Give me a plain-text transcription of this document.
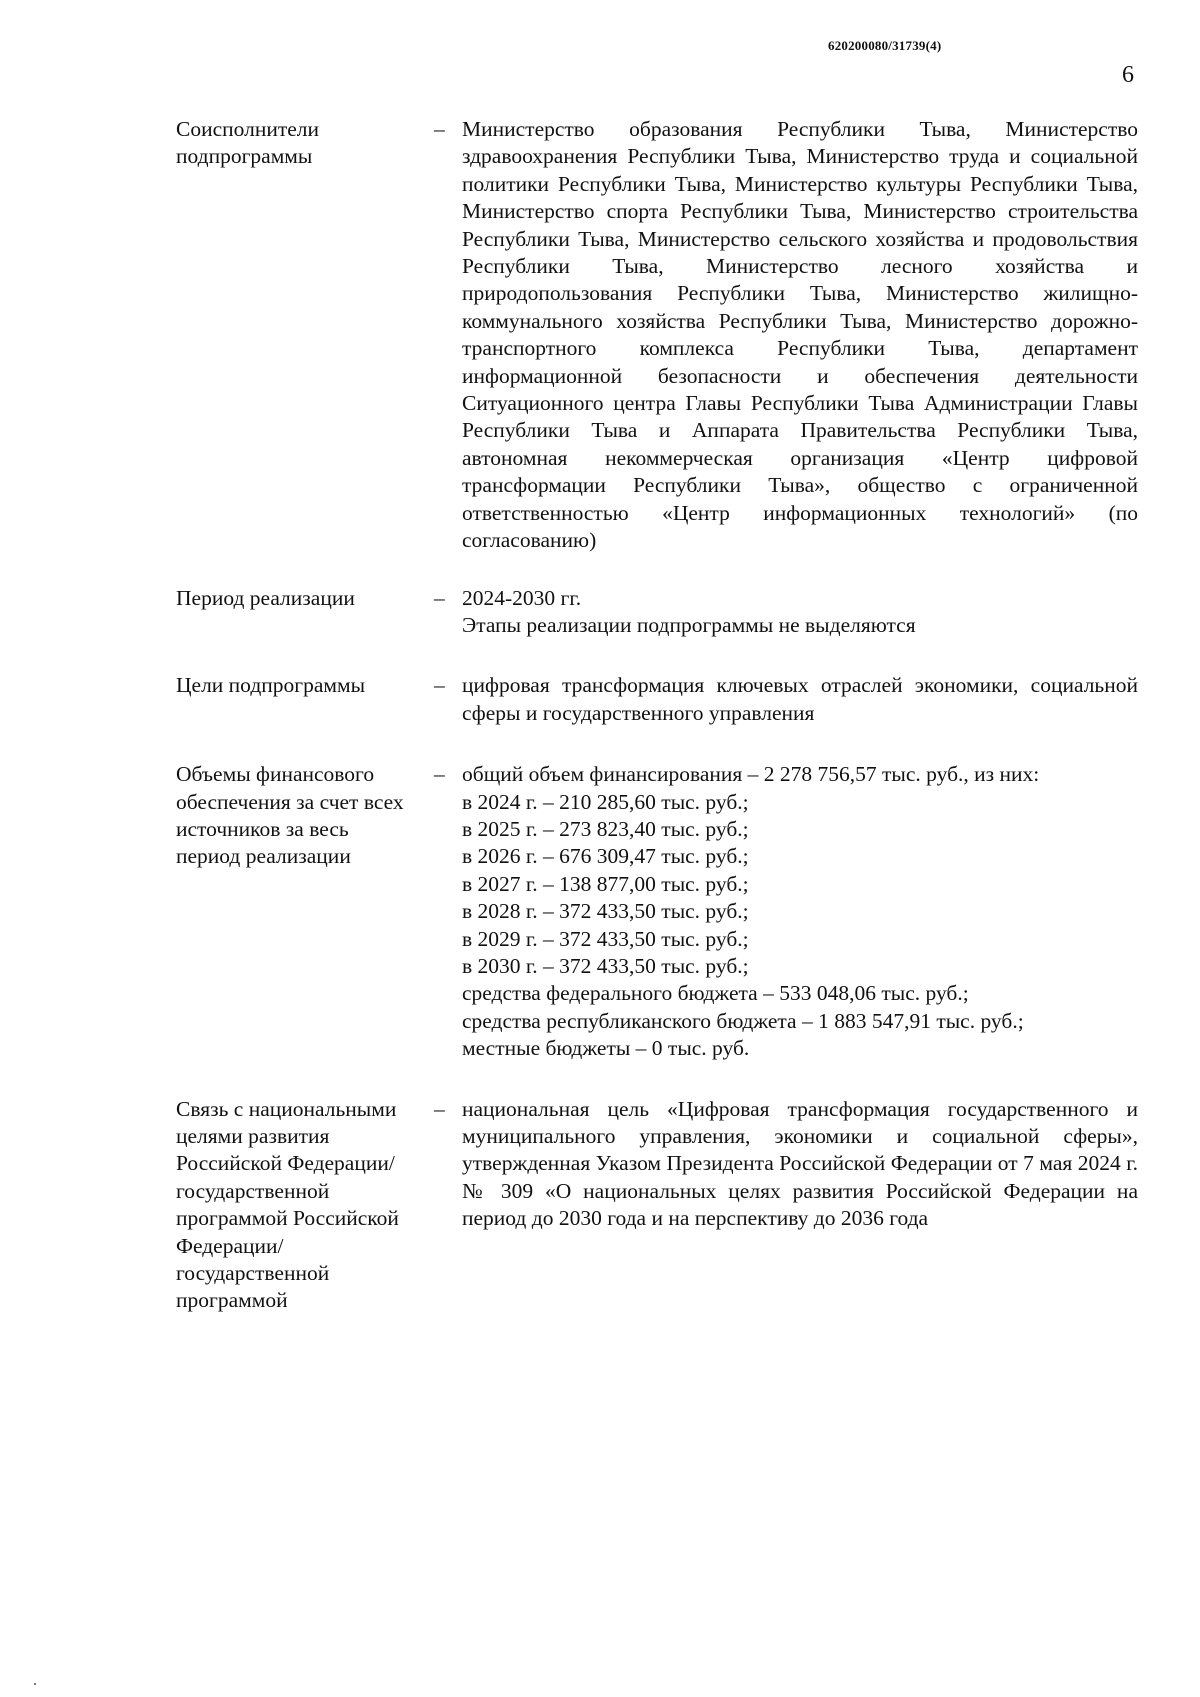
620200080/31739(4)
6
Соисполнители подпрограммы
– Министерство образования Республики Тыва, Министерство здравоохранения Республики Тыва, Министерство труда и социальной политики Республики Тыва, Министерство культуры Республики Тыва, Министерство спорта Республики Тыва, Министерство строительства Республики Тыва, Министерство сельского хозяйства и продовольствия Республики Тыва, Министерство лесного хозяйства и природопользования Республики Тыва, Министерство жилищно-коммунального хозяйства Республики Тыва, Министерство дорожно-транспортного комплекса Республики Тыва, департамент информационной безопасности и обеспечения деятельности Ситуационного центра Главы Республики Тыва Администрации Главы Республики Тыва и Аппарата Правительства Республики Тыва, автономная некоммерческая организация «Центр цифровой трансформации Республики Тыва», общество с ограниченной ответственностью «Центр информационных технологий» (по согласованию)
Период реализации	– 2024-2030 гг.
Этапы реализации подпрограммы не выделяются
Цели подпрограммы	– цифровая трансформация ключевых отраслей экономики, социальной сферы и государственного управления
Объемы финансового обеспечения за счет всех источников за весь период реализации
– общий объем финансирования – 2 278 756,57 тыс. руб., из них:
в 2024 г. – 210 285,60 тыс. руб.;
в 2025 г. – 273 823,40 тыс. руб.;
в 2026 г. – 676 309,47 тыс. руб.;
в 2027 г. – 138 877,00 тыс. руб.;
в 2028 г. – 372 433,50 тыс. руб.;
в 2029 г. – 372 433,50 тыс. руб.;
в 2030 г. – 372 433,50 тыс. руб.;
средства федерального бюджета – 533 048,06 тыс. руб.;
средства республиканского бюджета – 1 883 547,91 тыс. руб.;
местные бюджеты – 0 тыс. руб.
Связь с национальными целями развития Российской Федерации/государственной программой Российской Федерации/государственной программой
– национальная цель «Цифровая трансформация государственного и муниципального управления, экономики и социальной сферы», утвержденная Указом Президента Российской Федерации от 7 мая 2024 г. № 309 «О национальных целях развития Российской Федерации на период до 2030 года и на перспективу до 2036 года
